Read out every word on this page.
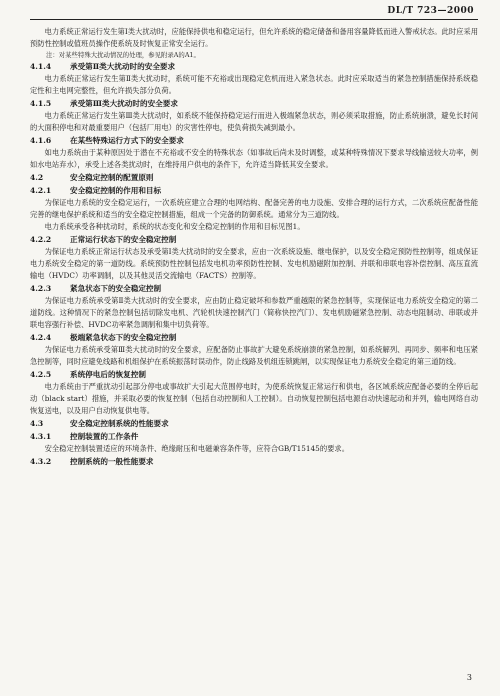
DL/T 723—2000

电力系统正常运行发生第Ⅰ类大扰动时，应能保持供电和稳定运行，但允许系统的稳定储备和备用容量降低而进入警戒状态。此时应采用预防性控制或值班员操作使系统及时恢复正常安全运行。

注：对某些特殊大扰动情况的处理，参见附录A的A1。

4.1.4	承受第Ⅱ类大扰动时的安全要求

电力系统正常运行发生第Ⅱ类大扰动时，系统可能不充裕或出现稳定危机而进入紧急状态。此时应采取适当的紧急控制措施保持系统稳定性和主电网完整性，但允许损失部分负荷。

4.1.5	承受第Ⅲ类大扰动时的安全要求

电力系统正常运行发生第Ⅲ类大扰动时，如系统不能保持稳定运行而进入极端紧急状态，则必须采取措施，防止系统崩溃，避免长时间的大面积停电和对最重要用户（包括厂用电）的灾害性停电，使负荷损失减到最小。

4.1.6	在某些特殊运行方式下的安全要求

如电力系统由于某种原因处于潜在不充裕或不安全的特殊状态（如事故后尚未及时调整，或某种特殊情况下要求导线输送较大功率，例如水电站弃水），承受上述各类扰动时，在维持用户供电的条件下，允许适当降低其安全要求。

4.2	安全稳定控制的配置原则
4.2.1	安全稳定控制的作用和目标

为保证电力系统的安全稳定运行，一次系统应建立合理的电网结构、配备完善的电力设施、安排合理的运行方式，二次系统应配备性能完善的继电保护系统和适当的安全稳定控制措施，组成一个完备的防御系统。通常分为三道防线。

电力系统承受各种扰动时，系统的状态变化和安全稳定控制的作用和目标见图1。

4.2.2	正常运行状态下的安全稳定控制

为保证电力系统正常运行状态及承受第Ⅰ类大扰动时的安全要求，应由一次系统设施、继电保护，以及安全稳定预防性控制等，组成保证电力系统安全稳定的第一道防线。系统预防性控制包括发电机功率预防性控制、发电机励磁附加控制、并联和串联电容补偿控制、高压直流输电（HVDC）功率调制，以及其他灵活交流输电（FACTS）控制等。

4.2.3	紧急状态下的安全稳定控制

为保证电力系统承受第Ⅱ类大扰动时的安全要求，应由防止稳定破坏和参数严重越限的紧急控制等，实现保证电力系统安全稳定的第二道防线。这种情况下的紧急控制包括切除发电机、汽轮机快速控制汽门（简称快控汽门）、发电机励磁紧急控制、动态电阻制动、串联或并联电容强行补偿、HVDC功率紧急调制和集中切负荷等。

4.2.4	极端紧急状态下的安全稳定控制

为保证电力系统承受第Ⅲ类大扰动时的安全要求，应配备防止事故扩大避免系统崩溃的紧急控制，如系统解列、再同步、频率和电压紧急控制等，同时应避免线路和机组保护在系统振荡时误动作，防止线路及机组连锁跳闸，以实现保证电力系统安全稳定的第三道防线。

4.2.5	系统停电后的恢复控制

电力系统由于严重扰动引起部分停电或事故扩大引起大范围停电时，为使系统恢复正常运行和供电，各区域系统应配备必要的全停后起动（black start）措施，并采取必要的恢复控制（包括自动控制和人工控制）。自动恢复控制包括电源自动快速起动和并列，输电网络自动恢复送电，以及用户自动恢复供电等。

4.3	安全稳定控制系统的性能要求
4.3.1	控制装置的工作条件

安全稳定控制装置适应的环境条件、绝缘耐压和电磁兼容条件等，应符合GB/T15145的要求。

4.3.2	控制系统的一般性能要求
3
